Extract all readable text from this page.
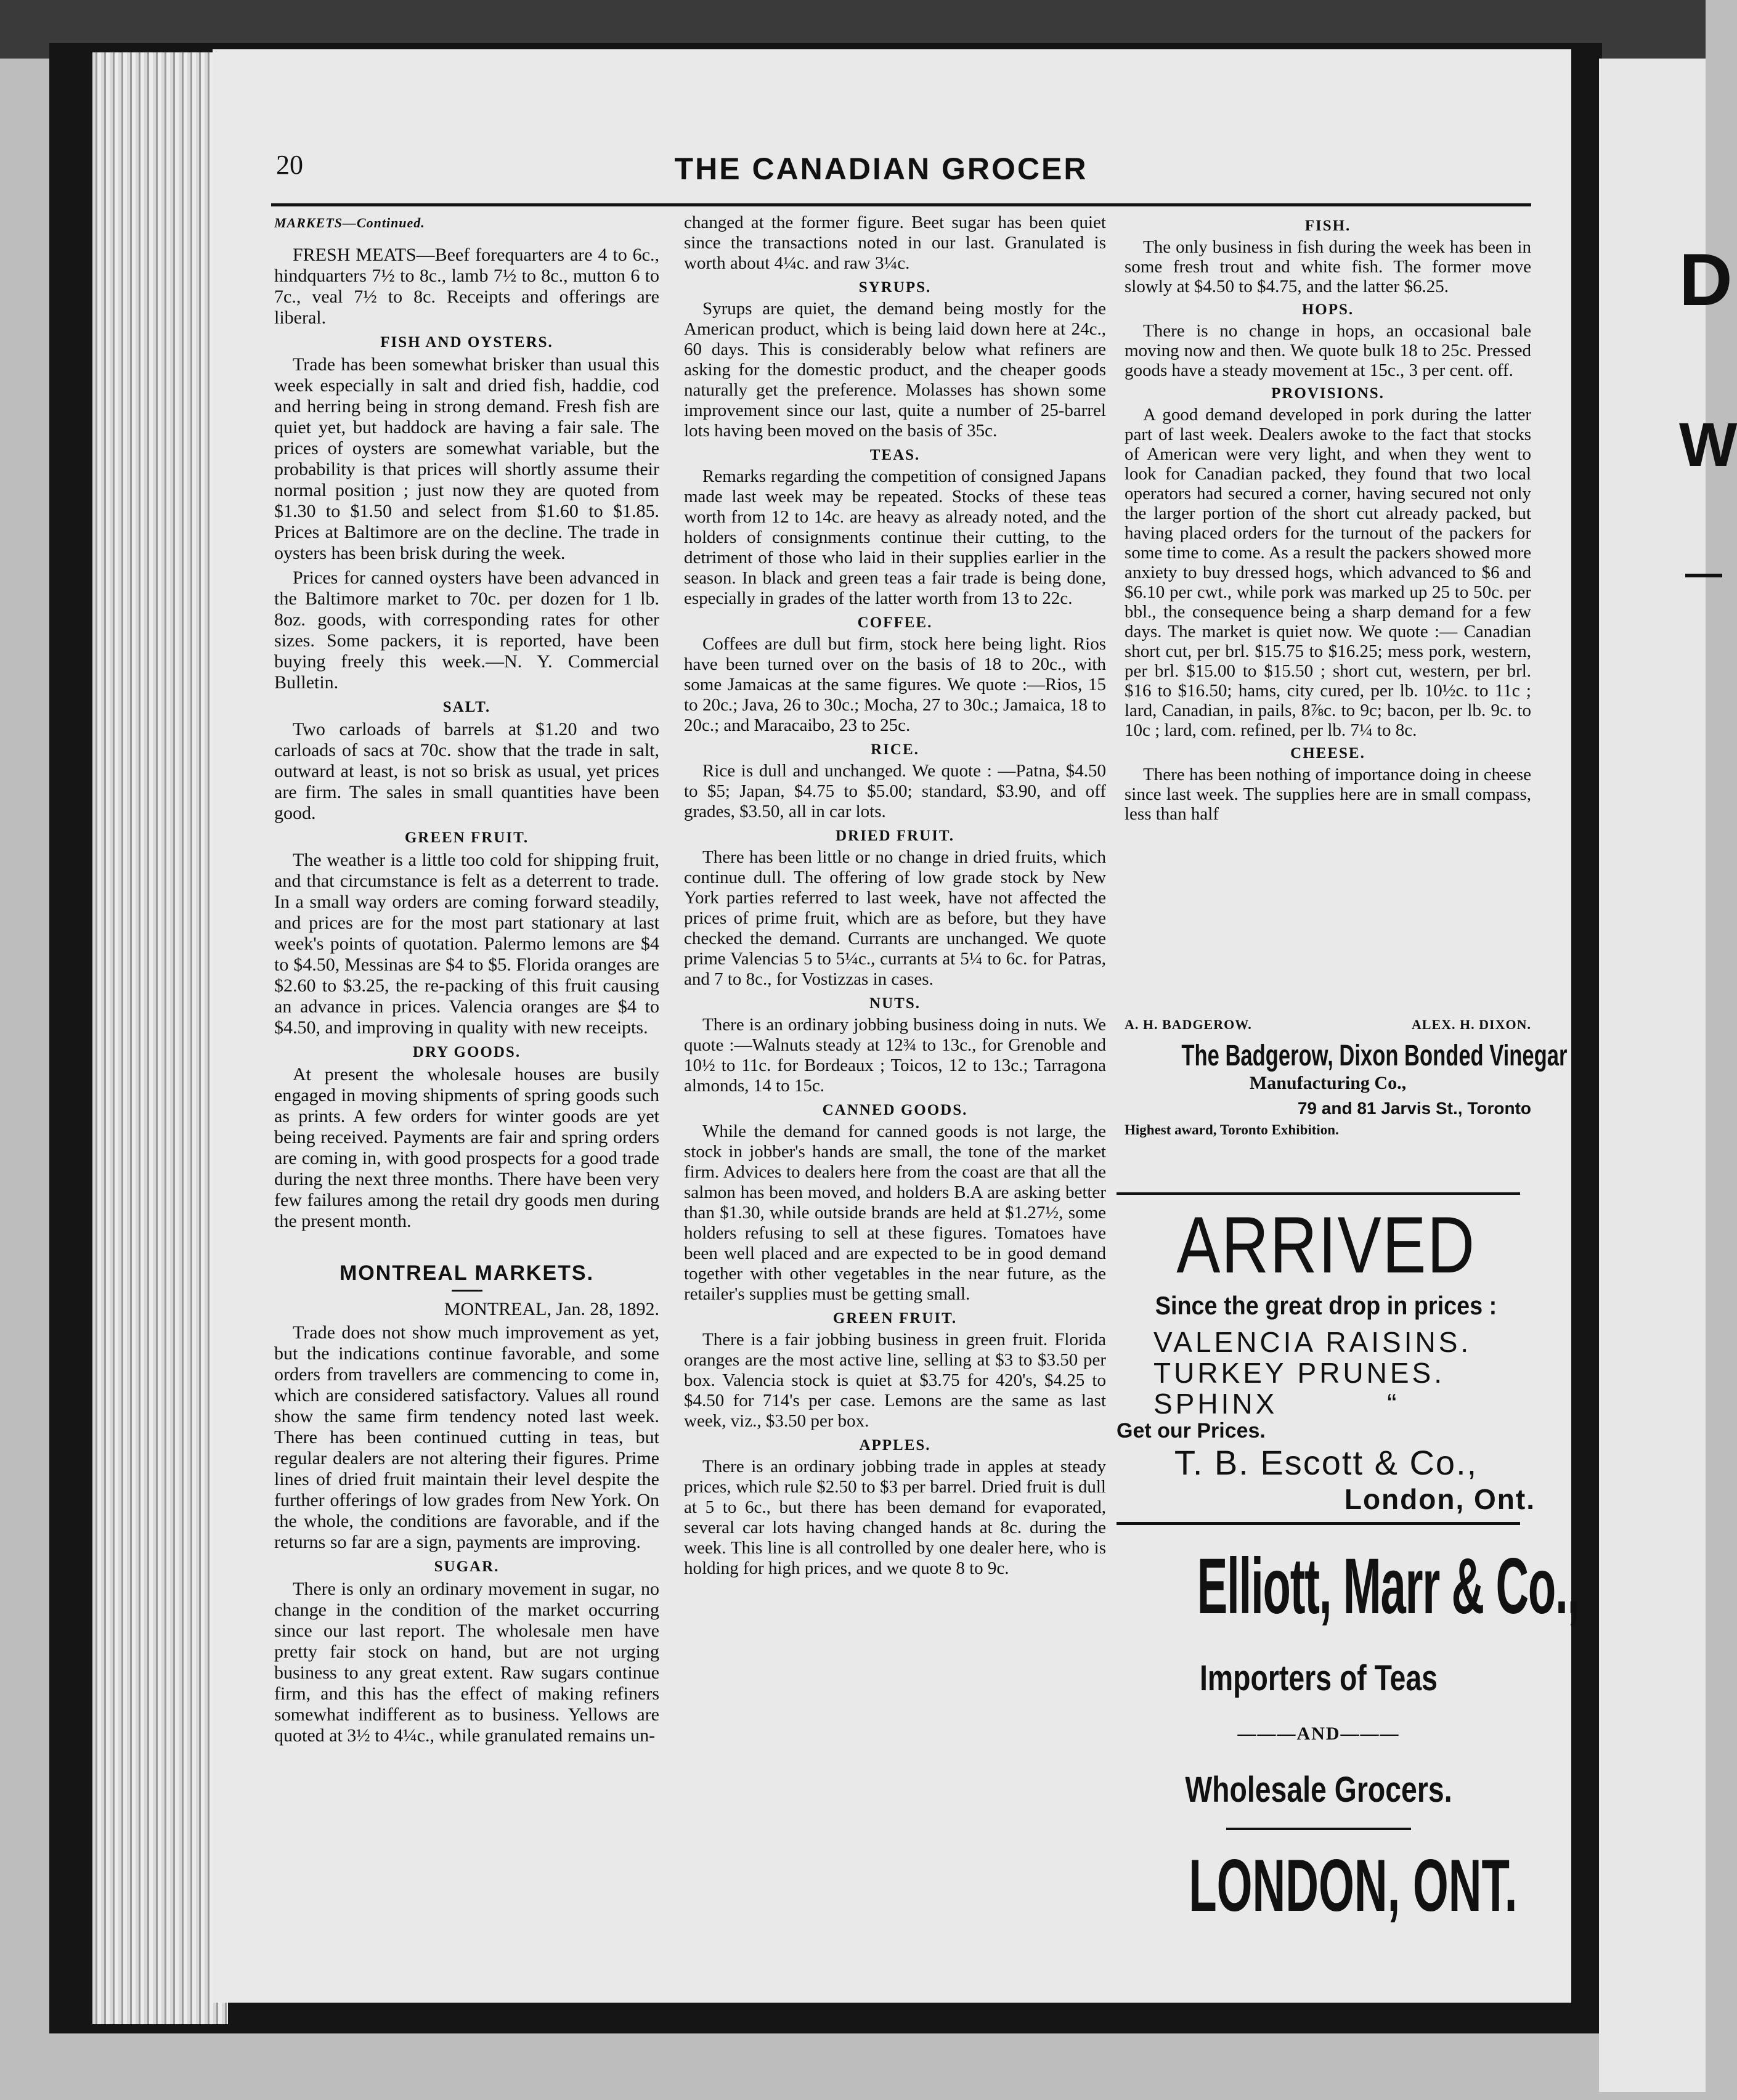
D
W
—
20	THE CANADIAN GROCER
MARKETS—Continued.

FRESH MEATS—Beef forequarters are 4 to 6c., hindquarters 7½ to 8c., lamb 7½ to 8c., mutton 6 to 7c., veal 7½ to 8c. Receipts and offerings are liberal.

FISH AND OYSTERS.

Trade has been somewhat brisker than usual this week especially in salt and dried fish, haddie, cod and herring being in strong demand. Fresh fish are quiet yet, but haddock are having a fair sale. The prices of oysters are somewhat variable, but the probability is that prices will shortly assume their normal position ; just now they are quoted from $1.30 to $1.50 and select from $1.60 to $1.85. Prices at Baltimore are on the decline. The trade in oysters has been brisk during the week.

Prices for canned oysters have been advanced in the Baltimore market to 70c. per dozen for 1 lb. 8oz. goods, with corresponding rates for other sizes. Some packers, it is reported, have been buying freely this week.—N. Y. Commercial Bulletin.

SALT.

Two carloads of barrels at $1.20 and two carloads of sacs at 70c. show that the trade in salt, outward at least, is not so brisk as usual, yet prices are firm. The sales in small quantities have been good.

GREEN FRUIT.

The weather is a little too cold for shipping fruit, and that circumstance is felt as a deterrent to trade. In a small way orders are coming forward steadily, and prices are for the most part stationary at last week's points of quotation. Palermo lemons are $4 to $4.50, Messinas are $4 to $5. Florida oranges are $2.60 to $3.25, the re-packing of this fruit causing an advance in prices. Valencia oranges are $4 to $4.50, and improving in quality with new receipts.

DRY GOODS.

At present the wholesale houses are busily engaged in moving shipments of spring goods such as prints. A few orders for winter goods are yet being received. Payments are fair and spring orders are coming in, with good prospects for a good trade during the next three months. There have been very few failures among the retail dry goods men during the present month.

MONTREAL MARKETS.
MONTREAL, Jan. 28, 1892.

Trade does not show much improvement as yet, but the indications continue favorable, and some orders from travellers are commencing to come in, which are considered satisfactory. Values all round show the same firm tendency noted last week. There has been continued cutting in teas, but regular dealers are not altering their figures. Prime lines of dried fruit maintain their level despite the further offerings of low grades from New York. On the whole, the conditions are favorable, and if the returns so far are a sign, payments are improving.

SUGAR.

There is only an ordinary movement in sugar, no change in the condition of the market occurring since our last report. The wholesale men have pretty fair stock on hand, but are not urging business to any great extent. Raw sugars continue firm, and this has the effect of making refiners somewhat indifferent as to business. Yellows are quoted at 3½ to 4¼c., while granulated remains un-

changed at the former figure. Beet sugar has been quiet since the transactions noted in our last. Granulated is worth about 4¼c. and raw 3¼c.

SYRUPS.

Syrups are quiet, the demand being mostly for the American product, which is being laid down here at 24c., 60 days. This is considerably below what refiners are asking for the domestic product, and the cheaper goods naturally get the preference. Molasses has shown some improvement since our last, quite a number of 25-barrel lots having been moved on the basis of 35c.

TEAS.

Remarks regarding the competition of consigned Japans made last week may be repeated. Stocks of these teas worth from 12 to 14c. are heavy as already noted, and the holders of consignments continue their cutting, to the detriment of those who laid in their supplies earlier in the season. In black and green teas a fair trade is being done, especially in grades of the latter worth from 13 to 22c.

COFFEE.

Coffees are dull but firm, stock here being light. Rios have been turned over on the basis of 18 to 20c., with some Jamaicas at the same figures. We quote :—Rios, 15 to 20c.; Java, 26 to 30c.; Mocha, 27 to 30c.; Jamaica, 18 to 20c.; and Maracaibo, 23 to 25c.

RICE.

Rice is dull and unchanged. We quote : —Patna, $4.50 to $5; Japan, $4.75 to $5.00; standard, $3.90, and off grades, $3.50, all in car lots.

DRIED FRUIT.

There has been little or no change in dried fruits, which continue dull. The offering of low grade stock by New York parties referred to last week, have not affected the prices of prime fruit, which are as before, but they have checked the demand. Currants are unchanged. We quote prime Valencias 5 to 5¼c., currants at 5¼ to 6c. for Patras, and 7 to 8c., for Vostizzas in cases.

NUTS.

There is an ordinary jobbing business doing in nuts. We quote :—Walnuts steady at 12¾ to 13c., for Grenoble and 10½ to 11c. for Bordeaux ; Toicos, 12 to 13c.; Tarragona almonds, 14 to 15c.

CANNED GOODS.

While the demand for canned goods is not large, the stock in jobber's hands are small, the tone of the market firm. Advices to dealers here from the coast are that all the salmon has been moved, and holders B.A are asking better than $1.30, while outside brands are held at $1.27½, some holders refusing to sell at these figures. Tomatoes have been well placed and are expected to be in good demand together with other vegetables in the near future, as the retailer's supplies must be getting small.

GREEN FRUIT.

There is a fair jobbing business in green fruit. Florida oranges are the most active line, selling at $3 to $3.50 per box. Valencia stock is quiet at $3.75 for 420's, $4.25 to $4.50 for 714's per case. Lemons are the same as last week, viz., $3.50 per box.

APPLES.

There is an ordinary jobbing trade in apples at steady prices, which rule $2.50 to $3 per barrel. Dried fruit is dull at 5 to 6c., but there has been demand for evaporated, several car lots having changed hands at 8c. during the week. This line is all controlled by one dealer here, who is holding for high prices, and we quote 8 to 9c.

FISH.

The only business in fish during the week has been in some fresh trout and white fish. The former move slowly at $4.50 to $4.75, and the latter $6.25.

HOPS.

There is no change in hops, an occasional bale moving now and then. We quote bulk 18 to 25c. Pressed goods have a steady movement at 15c., 3 per cent. off.

PROVISIONS.

A good demand developed in pork during the latter part of last week. Dealers awoke to the fact that stocks of American were very light, and when they went to look for Canadian packed, they found that two local operators had secured a corner, having secured not only the larger portion of the short cut already packed, but having placed orders for the turnout of the packers for some time to come. As a result the packers showed more anxiety to buy dressed hogs, which advanced to $6 and $6.10 per cwt., while pork was marked up 25 to 50c. per bbl., the consequence being a sharp demand for a few days. The market is quiet now. We quote :— Canadian short cut, per brl. $15.75 to $16.25; mess pork, western, per brl. $15.00 to $15.50 ; short cut, western, per brl. $16 to $16.50; hams, city cured, per lb. 10½c. to 11c ; lard, Canadian, in pails, 8⅞c. to 9c; bacon, per lb. 9c. to 10c ; lard, com. refined, per lb. 7¼ to 8c.

CHEESE.

There has been nothing of importance doing in cheese since last week. The supplies here are in small compass, less than half

A. H. BADGEROW.	ALEX. H. DIXON.
The Badgerow, Dixon Bonded Vinegar
Manufacturing Co.,
79 and 81 Jarvis St., Toronto
Highest award, Toronto Exhibition.
ARRIVED
Since the great drop in prices :
VALENCIA RAISINS.
TURKEY PRUNES.
SPHINX          “
Get our Prices.
T. B. Escott & Co.,
London, Ont.
Elliott, Marr & Co.,
Importers of Teas
———AND———
Wholesale Grocers.
LONDON, ONT.
